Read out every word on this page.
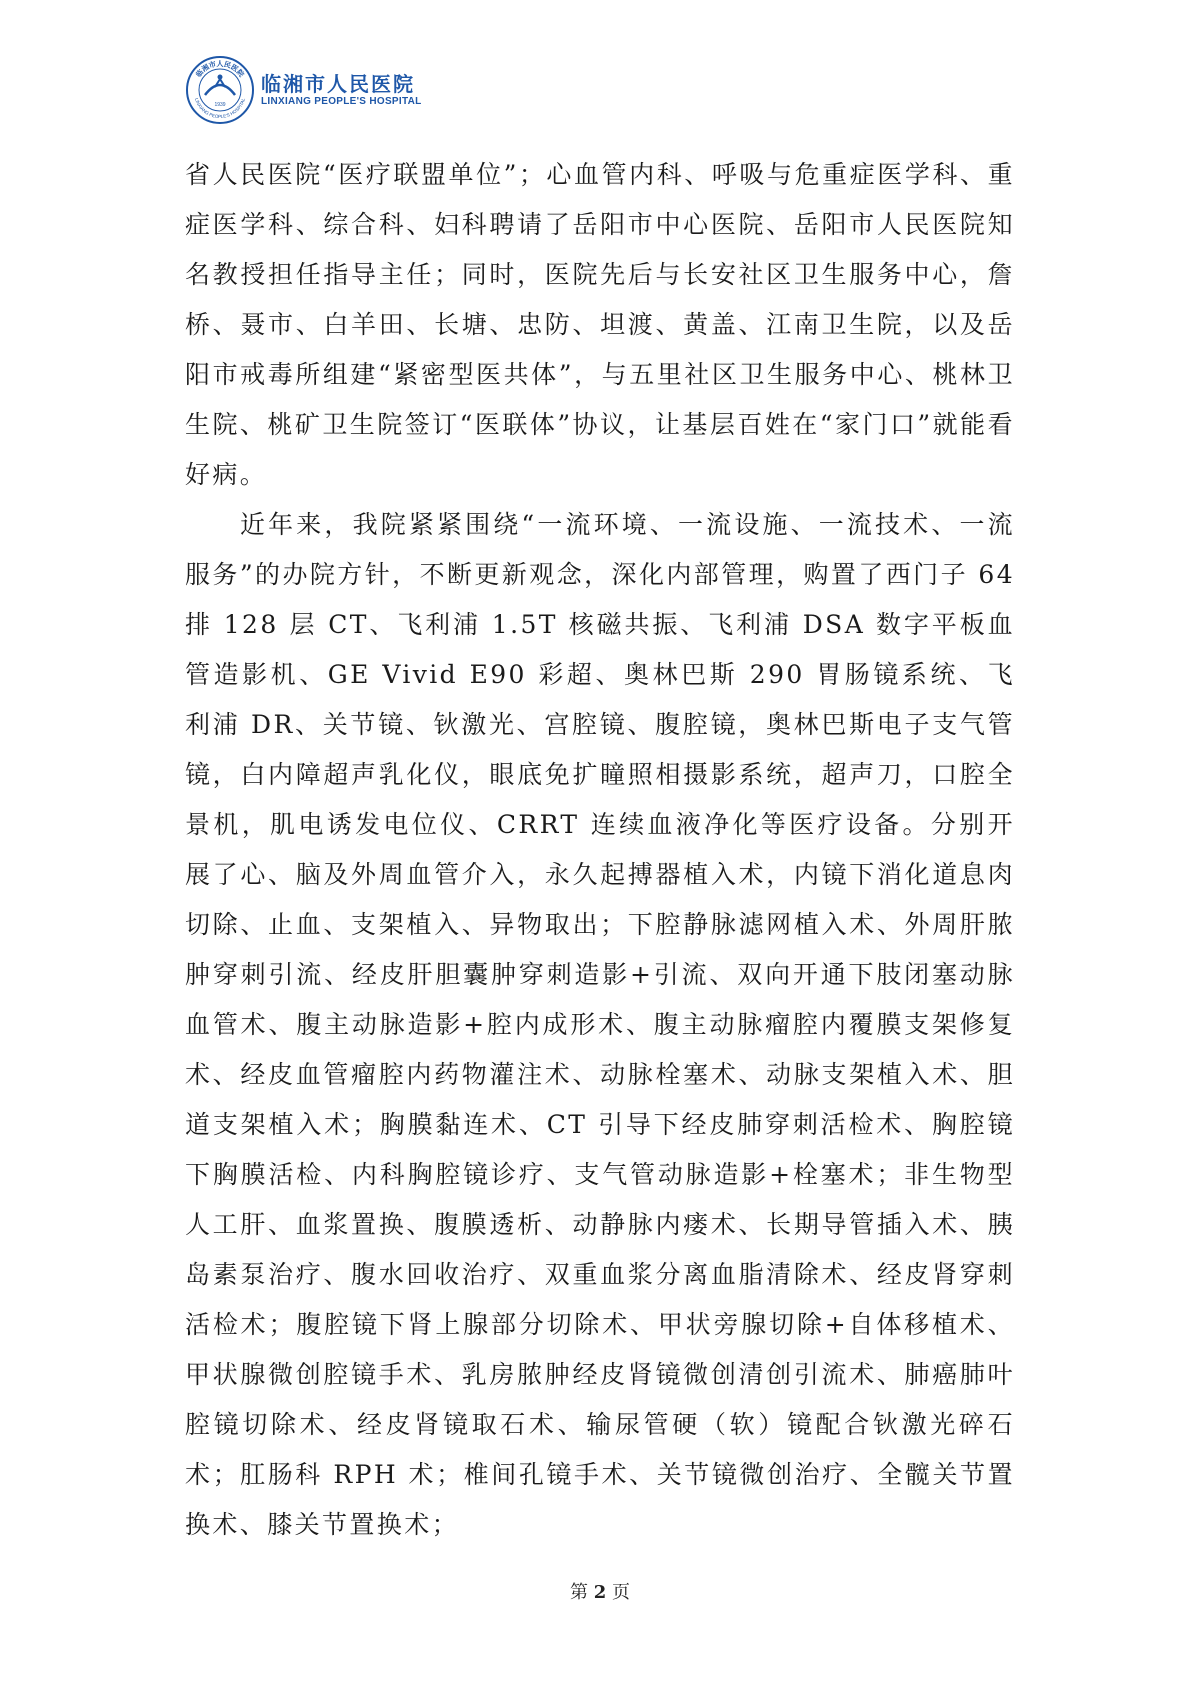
临湘市人民医院
LINXIANG PEOPLE'S HOSPITAL
1939
临湘市人民医院
LINXIANG PEOPLE'S HOSPITAL

省人民医院“医疗联盟单位”；心血管内科、呼吸与危重症医学科、重症医学科、综合科、妇科聘请了岳阳市中心医院、岳阳市人民医院知名教授担任指导主任；同时，医院先后与长安社区卫生服务中心，詹桥、聂市、白羊田、长塘、忠防、坦渡、黄盖、江南卫生院，以及岳阳市戒毒所组建“紧密型医共体”，与五里社区卫生服务中心、桃林卫生院、桃矿卫生院签订“医联体”协议，让基层百姓在“家门口”就能看好病。

近年来，我院紧紧围绕“一流环境、一流设施、一流技术、一流服务”的办院方针，不断更新观念，深化内部管理，购置了西门子 64 排 128 层 CT、飞利浦 1.5T 核磁共振、飞利浦 DSA 数字平板血管造影机、GE Vivid E90 彩超、奥林巴斯 290 胃肠镜系统、飞利浦 DR、关节镜、钬激光、宫腔镜、腹腔镜，奥林巴斯电子支气管镜，白内障超声乳化仪，眼底免扩瞳照相摄影系统，超声刀，口腔全景机，肌电诱发电位仪、CRRT 连续血液净化等医疗设备。分别开展了心、脑及外周血管介入，永久起搏器植入术，内镜下消化道息肉切除、止血、支架植入、异物取出；下腔静脉滤网植入术、外周肝脓肿穿刺引流、经皮肝胆囊肿穿刺造影+引流、双向开通下肢闭塞动脉血管术、腹主动脉造影+腔内成形术、腹主动脉瘤腔内覆膜支架修复术、经皮血管瘤腔内药物灌注术、动脉栓塞术、动脉支架植入术、胆道支架植入术；胸膜黏连术、CT 引导下经皮肺穿刺活检术、胸腔镜下胸膜活检、内科胸腔镜诊疗、支气管动脉造影+栓塞术；非生物型人工肝、血浆置换、腹膜透析、动静脉内瘘术、长期导管插入术、胰岛素泵治疗、腹水回收治疗、双重血浆分离血脂清除术、经皮肾穿刺活检术；腹腔镜下肾上腺部分切除术、甲状旁腺切除+自体移植术、甲状腺微创腔镜手术、乳房脓肿经皮肾镜微创清创引流术、肺癌肺叶腔镜切除术、经皮肾镜取石术、输尿管硬（软）镜配合钬激光碎石术；肛肠科 RPH 术；椎间孔镜手术、关节镜微创治疗、全髋关节置换术、膝关节置换术；

第 2 页
